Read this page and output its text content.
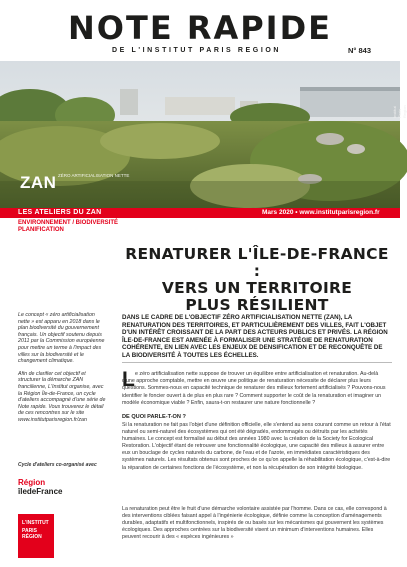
NOTE RAPIDE
DE L'INSTITUT PARIS REGION	N° 843
ZAN ZÉRO ARTIFICIALISATION NETTE
Institut Paris Region
LES ATELIERS DU ZAN	Mars 2020 • www.institutparisregion.fr
ENVIRONNEMENT / BIODIVERSITÉ
PLANIFICATION
RENATURER L'ÎLE-DE-FRANCE :
VERS UN TERRITOIRE
PLUS RÉSILIENT

Le concept « zéro artificialisation nette » est apparu en 2018 dans le plan biodiversité du gouvernement français. Un objectif soutenu depuis 2011 par la Commission européenne pour mettre un terme à l'impact des villes sur la biodiversité et le changement climatique.

Afin de clarifier cet objectif et structurer la démarche ZAN francilienne, L'Institut organise, avec la Région Île-de-France, un cycle d'ateliers accompagné d'une série de Note rapide. Vous trouverez le détail de ces rencontres sur le site www.institutparisregion.fr/zan

Cycle d'ateliers co-organisé avec
Région
îledeFrance
L'INSTITUT
PARIS
RÉGION
DANS LE CADRE DE L'OBJECTIF ZÉRO ARTIFICIALISATION NETTE (ZAN), LA RENATURATION DES TERRITOIRES, ET PARTICULIÈREMENT DES VILLES, FAIT L'OBJET D'UN INTÉRÊT CROISSANT DE LA PART DES ACTEURS PUBLICS ET PRIVÉS. LA RÉGION ÎLE-DE-FRANCE EST AMENÉE À FORMALISER UNE STRATÉGIE DE RENATURATION COHÉRENTE, EN LIEN AVEC LES ENJEUX DE DENSIFICATION ET DE RECONQUÊTE DE LA BIODIVERSITÉ À TOUTES LES ÉCHELLES.
L e zéro artificialisation nette suppose de trouver un équilibre entre artificialisation et renaturation. Au-delà d'une approche comptable, mettre en œuvre une politique de renaturation nécessite de déclarer plus leurs questions. Sommes-nous en capacité technique de renaturer des milieux fortement artificialisés ? Pouvons-nous identifier le foncier ouvert à de plus en plus rare ? Comment supporter le coût de la renaturation et imaginer un modèle économique viable ? Enfin, saura-t-on restaurer une nature fonctionnelle ?
DE QUOI PARLE-T-ON ?
Si la renaturation ne fait pas l'objet d'une définition officielle, elle s'entend au sens courant comme un retour à l'état naturel ou semi-naturel des écosystèmes qui ont été dégradés, endommagés ou détruits par les activités humaines. Le concept est formalisé au début des années 1980 avec la création de la Society for Ecological Restoration. L'objectif étant de retrouver une fonctionnalité écologique, une capacité des milieux à assurer entre eux un bouclage de cycles naturels du carbone, de l'eau et de l'azote, en immédiates caractéristiques des systèmes naturels. Les résultats obtenus sont proches de ce qu'on appelle la réhabilitation écologique, c'est-à-dire la réparation de certaines fonctions de l'écosystème, et non la récupération de son intégrité biologique.
La renaturation peut être le fruit d'une démarche volontaire assistée par l'homme. Dans ce cas, elle correspond à des interventions ciblées faisant appel à l'ingénierie écologique, définie comme la conception d'aménagements durables, adaptatifs et multifonctionnels, inspirés de ou basés sur les mécanismes qui gouvernent les systèmes écologiques. Des approches centrées sur la biodiversité visent un minimum d'interventions humaines. Elles peuvent recourir à des « espèces ingénieures »
